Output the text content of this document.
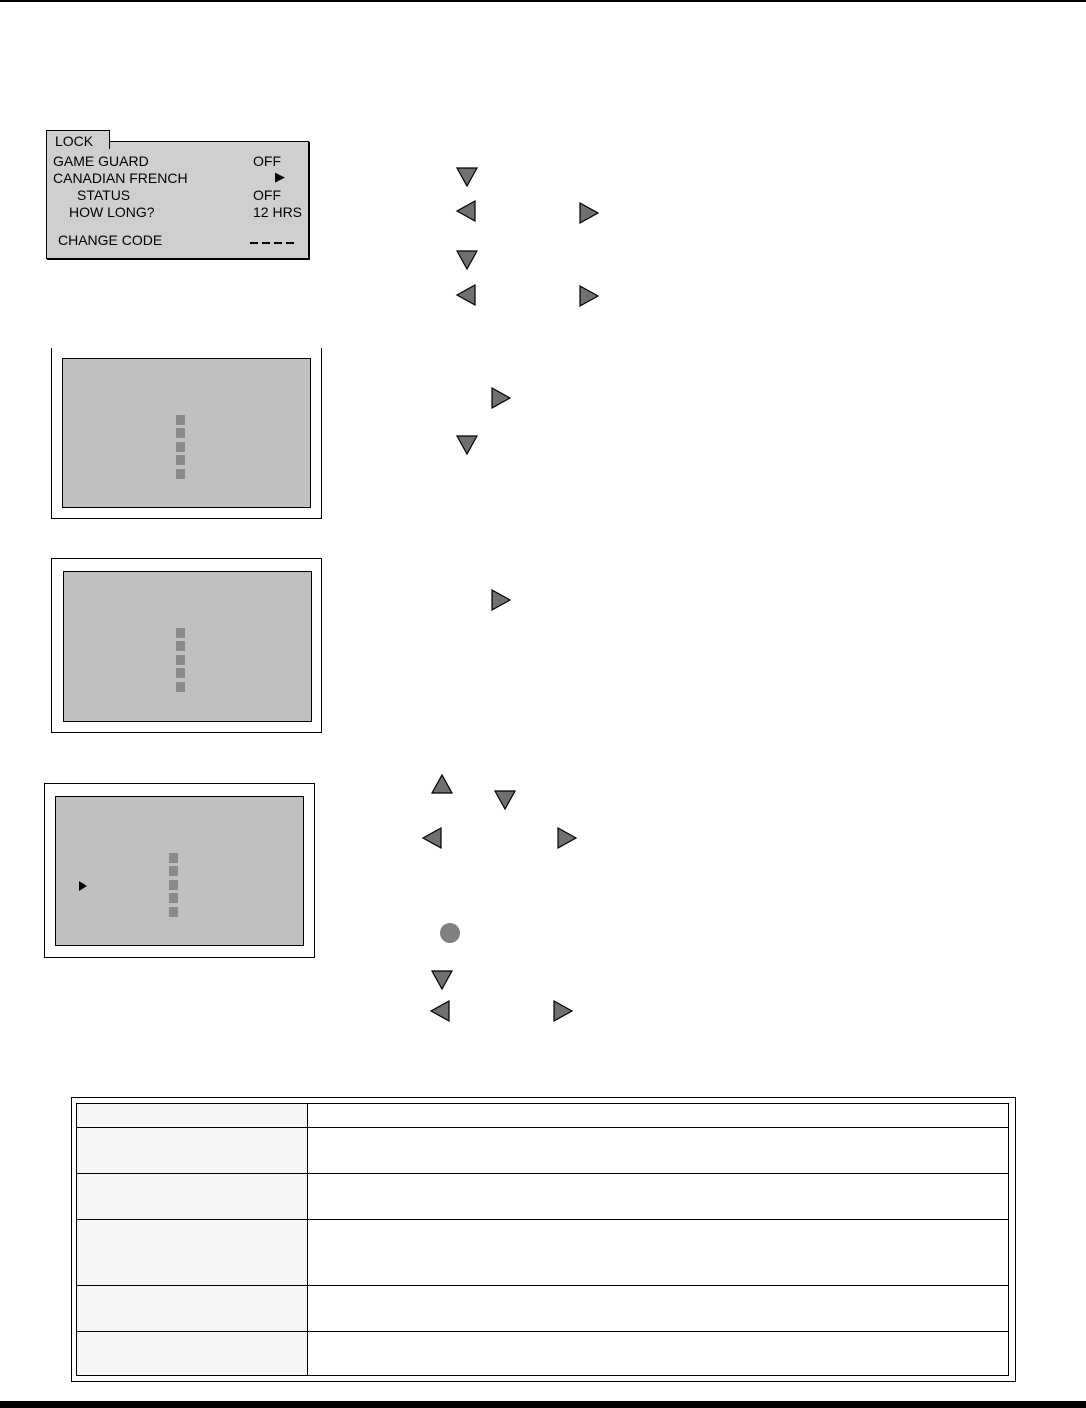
LOCK
GAME GUARD	OFF
CANADIAN FRENCH	▶
STATUS	OFF
HOW LONG?	12 HRS
CHANGE CODE
